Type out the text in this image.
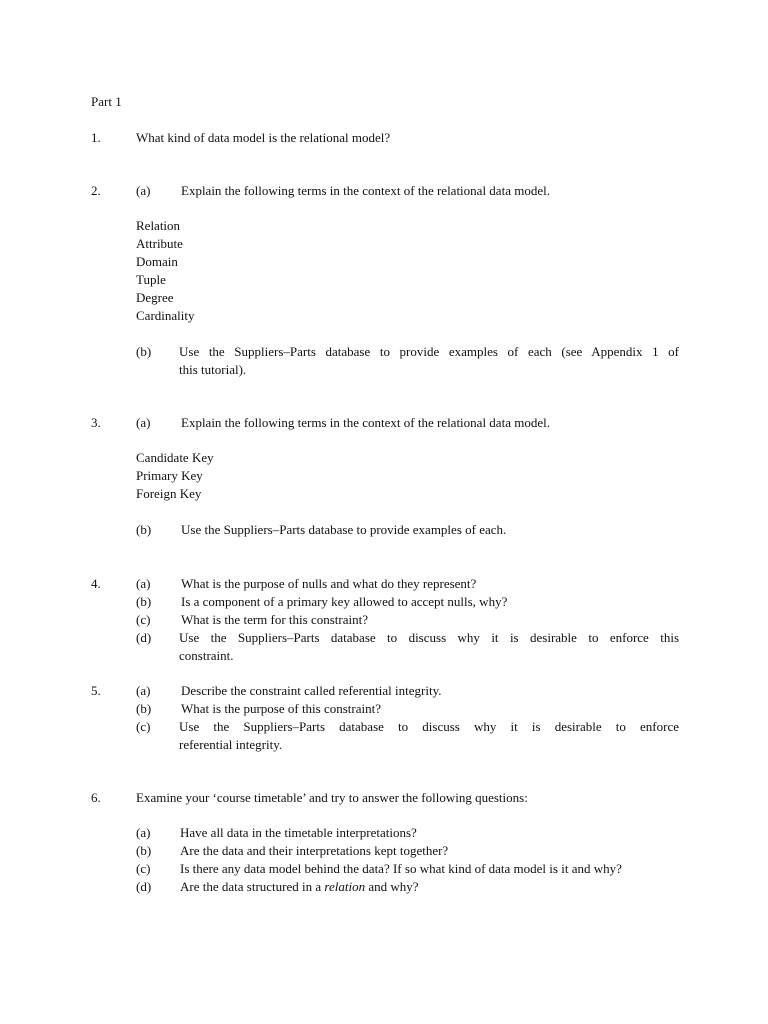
Part 1
1.	What kind of data model is the relational model?
2.	(a) Explain the following terms in the context of the relational data model.
Relation
Attribute
Domain
Tuple
Degree
Cardinality
(b) Use the Suppliers–Parts database to provide examples of each (see Appendix 1 of
this tutorial).
3.	(a) Explain the following terms in the context of the relational data model.
Candidate Key
Primary Key
Foreign Key
(b) Use the Suppliers–Parts database to provide examples of each.
4.	(a) What is the purpose of nulls and what do they represent?
(b) Is a component of a primary key allowed to accept nulls, why?
(c) What is the term for this constraint?
(d) Use the Suppliers–Parts database to discuss why it is desirable to enforce this
constraint.
5.	(a) Describe the constraint called referential integrity.
(b) What is the purpose of this constraint?
(c) Use the Suppliers–Parts database to discuss why it is desirable to enforce
referential integrity.
6.	Examine your ‘course timetable’ and try to answer the following questions:
(a) Have all data in the timetable interpretations?
(b) Are the data and their interpretations kept together?
(c) Is there any data model behind the data? If so what kind of data model is it and why?
(d) Are the data structured in a relation and why?
